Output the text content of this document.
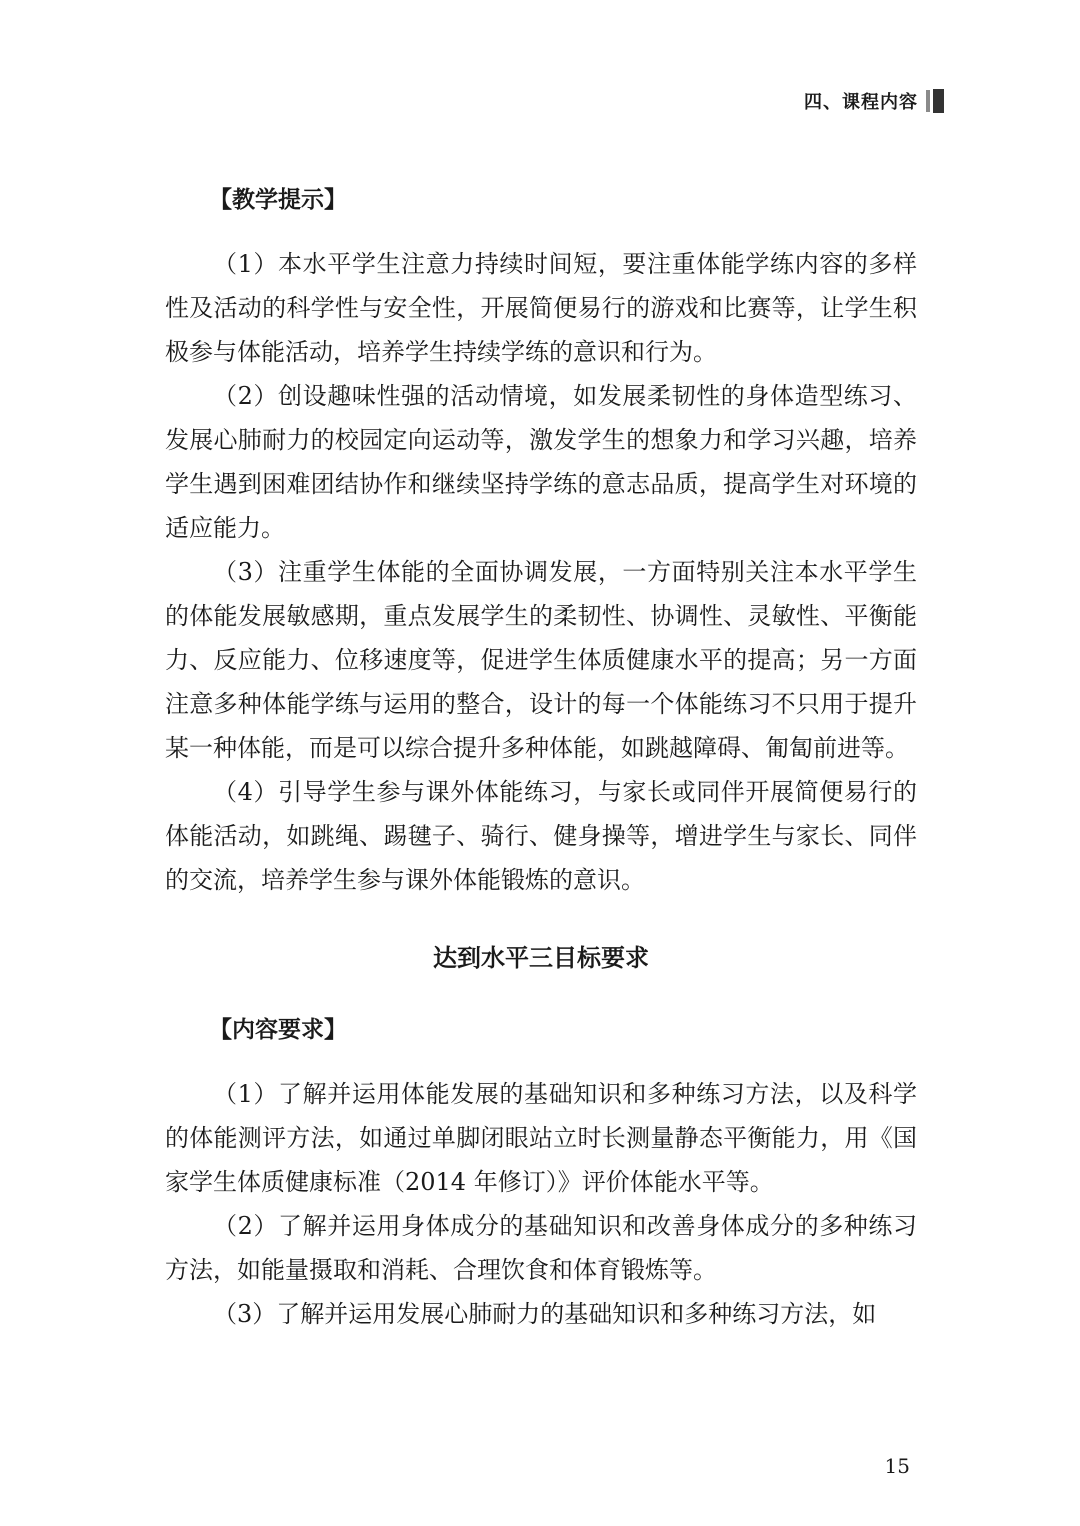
四、课程内容
【教学提示】

（1）本水平学生注意力持续时间短，要注重体能学练内容的多样性及活动的科学性与安全性，开展简便易行的游戏和比赛等，让学生积极参与体能活动，培养学生持续学练的意识和行为。

（2）创设趣味性强的活动情境，如发展柔韧性的身体造型练习、发展心肺耐力的校园定向运动等，激发学生的想象力和学习兴趣，培养学生遇到困难团结协作和继续坚持学练的意志品质，提高学生对环境的适应能力。

（3）注重学生体能的全面协调发展，一方面特别关注本水平学生的体能发展敏感期，重点发展学生的柔韧性、协调性、灵敏性、平衡能力、反应能力、位移速度等，促进学生体质健康水平的提高；另一方面注意多种体能学练与运用的整合，设计的每一个体能练习不只用于提升某一种体能，而是可以综合提升多种体能，如跳越障碍、匍匐前进等。

（4）引导学生参与课外体能练习，与家长或同伴开展简便易行的体能活动，如跳绳、踢毽子、骑行、健身操等，增进学生与家长、同伴的交流，培养学生参与课外体能锻炼的意识。

达到水平三目标要求
【内容要求】

（1）了解并运用体能发展的基础知识和多种练习方法，以及科学的体能测评方法，如通过单脚闭眼站立时长测量静态平衡能力，用《国家学生体质健康标准（2014 年修订）》评价体能水平等。

（2）了解并运用身体成分的基础知识和改善身体成分的多种练习方法，如能量摄取和消耗、合理饮食和体育锻炼等。

（3）了解并运用发展心肺耐力的基础知识和多种练习方法，如

15
